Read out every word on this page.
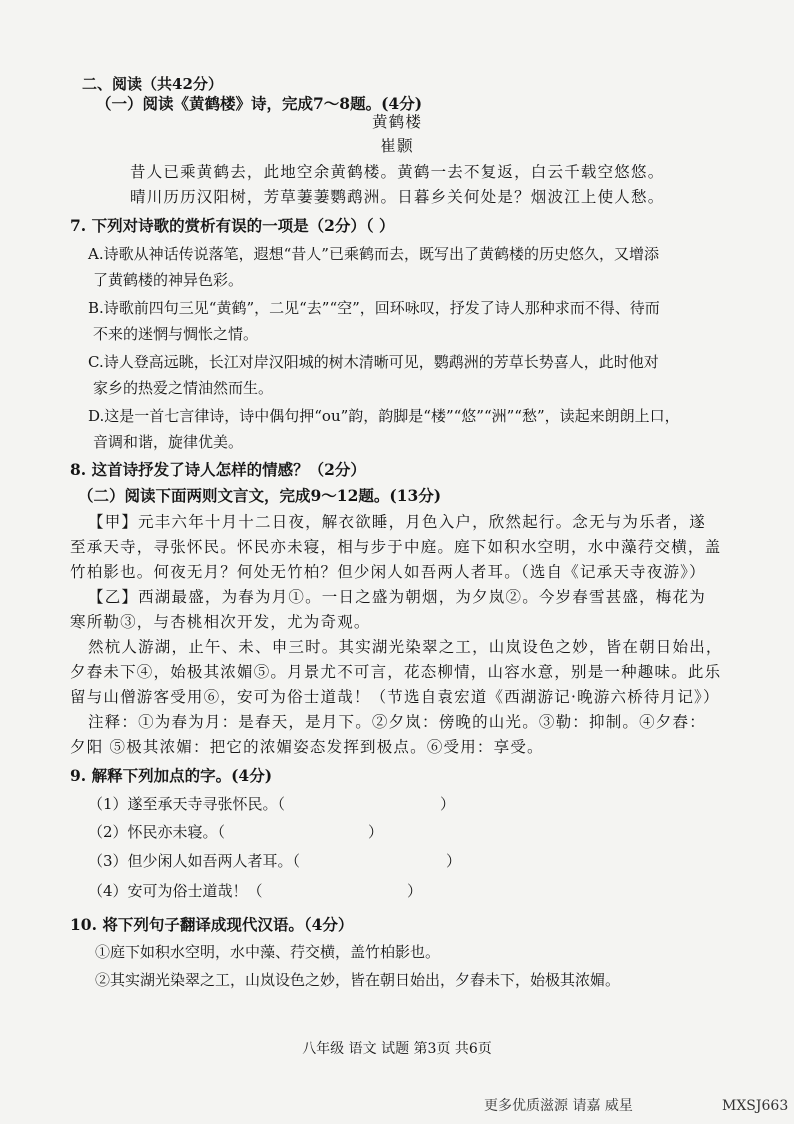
二、阅读（共42分）
（一）阅读《黄鹤楼》诗，完成7～8题。(4分)
黄鹤楼
崔颢
昔人已乘黄鹤去，此地空余黄鹤楼。黄鹤一去不复返，白云千载空悠悠。
晴川历历汉阳树，芳草萋萋鹦鹉洲。日暮乡关何处是？烟波江上使人愁。
7. 下列对诗歌的赏析有误的一项是（2分）（ ）
A.诗歌从神话传说落笔，遐想“昔人”已乘鹤而去，既写出了黄鹤楼的历史悠久，又增添
了黄鹤楼的神异色彩。
B.诗歌前四句三见“黄鹤”，二见“去”“空”，回环咏叹，抒发了诗人那种求而不得、待而
不来的迷惘与惆怅之情。
C.诗人登高远眺，长江对岸汉阳城的树木清晰可见，鹦鹉洲的芳草长势喜人，此时他对
家乡的热爱之情油然而生。
D.这是一首七言律诗，诗中偶句押“ou”韵，韵脚是“楼”“悠”“洲”“愁”，读起来朗朗上口，
音调和谐，旋律优美。
8. 这首诗抒发了诗人怎样的情感？（2分）
（二）阅读下面两则文言文，完成9～12题。(13分)
【甲】元丰六年十月十二日夜，解衣欲睡，月色入户，欣然起行。念无与为乐者，遂
至承天寺，寻张怀民。怀民亦未寝，相与步于中庭。庭下如积水空明，水中藻荇交横，盖
竹柏影也。何夜无月？何处无竹柏？但少闲人如吾两人者耳。（选自《记承天寺夜游》）
【乙】西湖最盛，为春为月①。一日之盛为朝烟，为夕岚②。今岁春雪甚盛，梅花为
寒所勒③，与杏桃相次开发，尤为奇观。
然杭人游湖，止午、未、申三时。其实湖光染翠之工，山岚设色之妙，皆在朝日始出，
夕舂未下④，始极其浓媚⑤。月景尤不可言，花态柳情，山容水意，别是一种趣味。此乐
留与山僧游客受用⑥，安可为俗士道哉！（节选自袁宏道《西湖游记·晚游六桥待月记》）
注释：①为春为月：是春天，是月下。②夕岚：傍晚的山光。③勒：抑制。④夕舂：
夕阳 ⑤极其浓媚：把它的浓媚姿态发挥到极点。⑥受用：享受。
9. 解释下列加点的字。(4分)
（1）遂至承天寺寻张怀民。（	）
（2）怀民亦未寝。（	）
（3）但少闲人如吾两人者耳。（	）
（4）安可为俗士道哉！（	）
10. 将下列句子翻译成现代汉语。（4分）
①庭下如积水空明，水中藻、荇交横，盖竹柏影也。
②其实湖光染翠之工，山岚设色之妙，皆在朝日始出，夕舂未下，始极其浓媚。
八年级 语文 试题 第3页 共6页
更多优质滋源 请嘉 威星	MXSJ663
